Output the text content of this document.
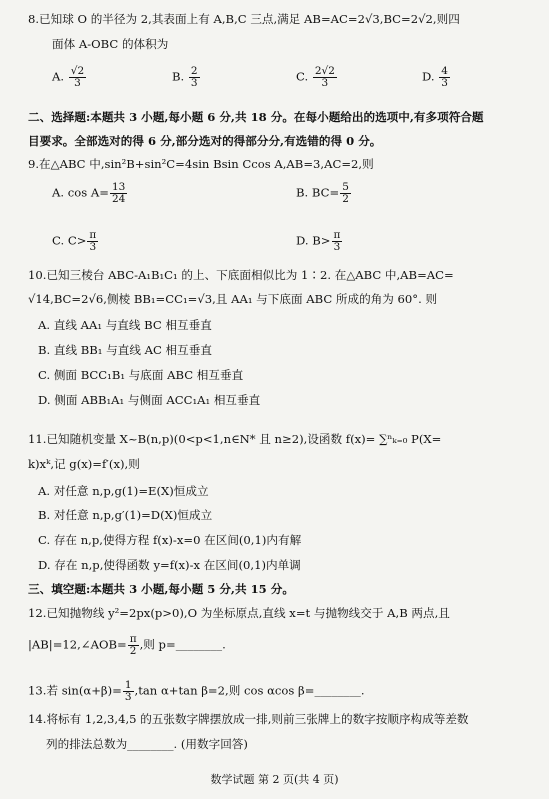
8.已知球 O 的半径为 2,其表面上有 A,B,C 三点,满足 AB=AC=2√3,BC=2√2,则四
面体 A-OBC 的体积为
A. $\frac{√2}{3}$	B. $\frac{2}{3}$	C. $\frac{2√2}{3}$	D. $\frac{4}{3}$
二、选择题:本题共 3 小题,每小题 6 分,共 18 分。在每小题给出的选项中,有多项符合题
目要求。全部选对的得 6 分,部分选对的得部分分,有选错的得 0 分。
9.在△ABC 中,sin²B+sin²C=4sin Bsin Ccos A,AB=3,AC=2,则
A. $\cos A= \frac{13}{24}$	B. $BC= \frac{5}{2}$
C. $C> \frac{\pi}{3}$	D. $B> \frac{\pi}{3}$
10.已知三棱台 ABC-A₁B₁C₁ 的上、下底面相似比为 1∶2. 在△ABC 中,AB=AC=
√14,BC=2√6,侧棱 BB₁=CC₁=√3,且 AA₁ 与下底面 ABC 所成的角为 60°. 则
A. 直线 AA₁ 与直线 BC 相互垂直
B. 直线 BB₁ 与直线 AC 相互垂直
C. 侧面 BCC₁B₁ 与底面 ABC 相互垂直
D. 侧面 ABB₁A₁ 与侧面 ACC₁A₁ 相互垂直
11.已知随机变量 X~B(n,p)(0<p<1,n∈N* 且 n≥2),设函数 f(x)= ∑ⁿₖ₌₀ P(X=
k)xᵏ,记 g(x)=f′(x),则
A. 对任意 n,p,g(1)=E(X)恒成立
B. 对任意 n,p,g′(1)=D(X)恒成立
C. 存在 n,p,使得方程 f(x)-x=0 在区间(0,1)内有解
D. 存在 n,p,使得函数 y=f(x)-x 在区间(0,1)内单调
三、填空题:本题共 3 小题,每小题 5 分,共 15 分。
12.已知抛物线 y²=2px(p>0),O 为坐标原点,直线 x=t 与抛物线交于 A,B 两点,且
|AB|=12,∠AOB= $\frac{\pi}{2}$ ,则 p=________.
13.若 $\sin(\alpha+\beta)= \frac{1}{3} ,\tan$ α+tan β=2,则 cos αcos β=________.
14.将标有 1,2,3,4,5 的五张数字牌摆放成一排,则前三张牌上的数字按顺序构成等差数
列的排法总数为________. (用数字回答)
数学试题 第 2 页(共 4 页)
